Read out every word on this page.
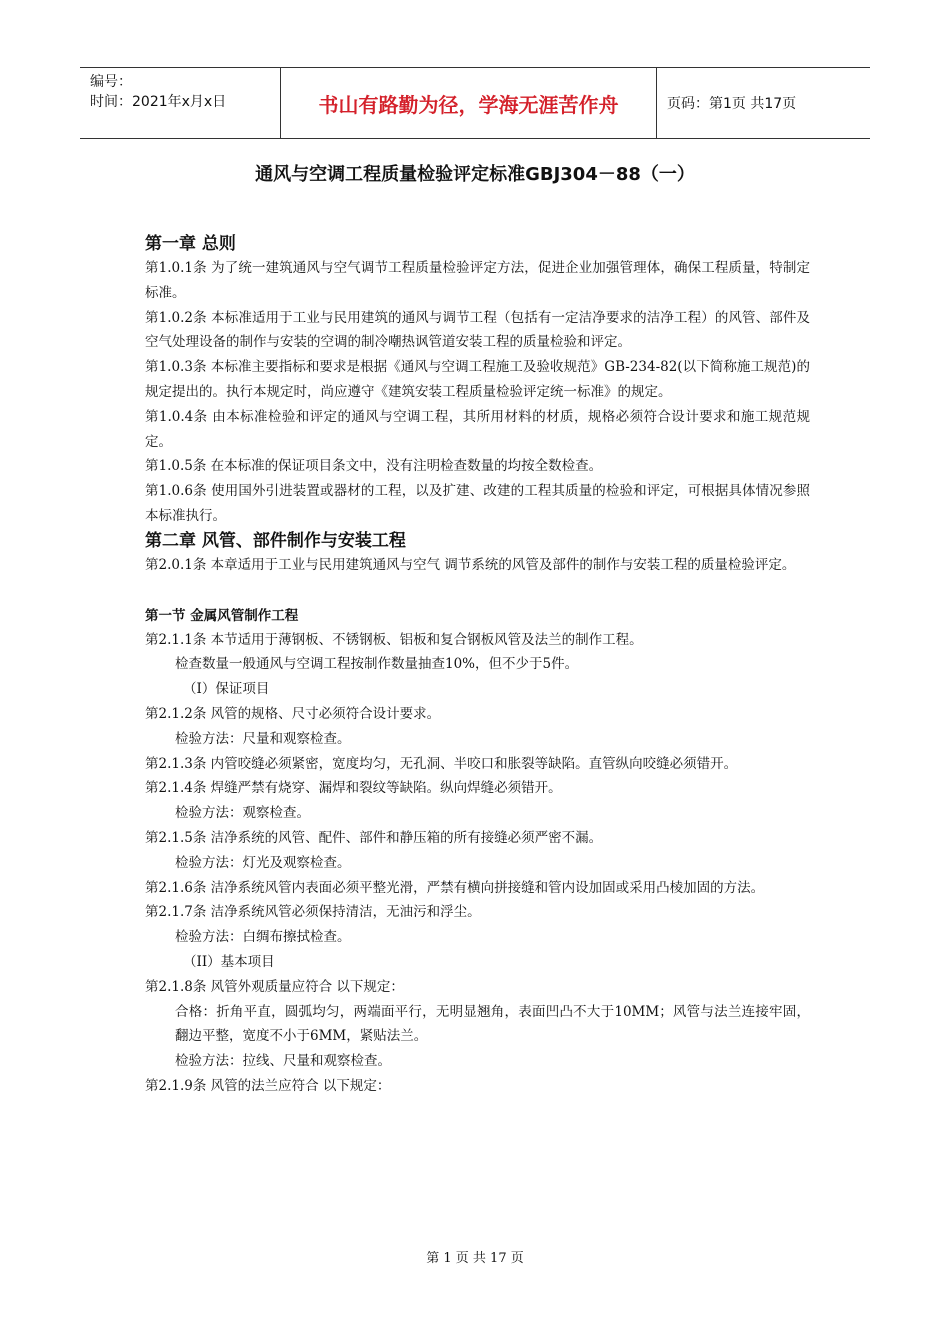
编号：
时间：2021年x月x日	书山有路勤为径，学海无涯苦作舟	页码：第1页 共17页
通风与空调工程质量检验评定标准GBJ304－88（一）
第一章 总则
第1.0.1条 为了统一建筑通风与空气调节工程质量检验评定方法，促进企业加强管理体，确保工程质量，特制定标准。
第1.0.2条 本标准适用于工业与民用建筑的通风与调节工程（包括有一定洁净要求的洁净工程）的风管、部件及空气处理设备的制作与安装的空调的制冷嘲热讽管道安装工程的质量检验和评定。
第1.0.3条 本标准主要指标和要求是根据《通风与空调工程施工及验收规范》GB-234-82(以下简称施工规范)的规定提出的。执行本规定时，尚应遵守《建筑安装工程质量检验评定统一标准》的规定。
第1.0.4条 由本标准检验和评定的通风与空调工程，其所用材料的材质，规格必须符合设计要求和施工规范规定。
第1.0.5条 在本标准的保证项目条文中，没有注明检查数量的均按全数检查。
第1.0.6条 使用国外引进装置或器材的工程，以及扩建、改建的工程其质量的检验和评定，可根据具体情况参照本标准执行。
第二章 风管、部件制作与安装工程
第2.0.1条 本章适用于工业与民用建筑通风与空气 调节系统的风管及部件的制作与安装工程的质量检验评定。
第一节 金属风管制作工程
第2.1.1条 本节适用于薄钢板、不锈钢板、铝板和复合钢板风管及法兰的制作工程。
检查数量一般通风与空调工程按制作数量抽查10%，但不少于5件。
（I）保证项目
第2.1.2条 风管的规格、尺寸必须符合设计要求。
检验方法：尺量和观察检查。
第2.1.3条 内管咬缝必须紧密，宽度均匀，无孔洞、半咬口和胀裂等缺陷。直管纵向咬缝必须错开。
第2.1.4条 焊缝严禁有烧穿、漏焊和裂纹等缺陷。纵向焊缝必须错开。
检验方法：观察检查。
第2.1.5条 洁净系统的风管、配件、部件和静压箱的所有接缝必须严密不漏。
检验方法：灯光及观察检查。
第2.1.6条 洁净系统风管内表面必须平整光滑，严禁有横向拼接缝和管内设加固或采用凸棱加固的方法。
第2.1.7条 洁净系统风管必须保持清洁，无油污和浮尘。
检验方法：白绸布擦拭检查。
（II）基本项目
第2.1.8条 风管外观质量应符合 以下规定：
合格：折角平直，圆弧均匀，两端面平行，无明显翘角，表面凹凸不大于10MM；风管与法兰连接牢固，翻边平整，宽度不小于6MM，紧贴法兰。
检验方法：拉线、尺量和观察检查。
第2.1.9条 风管的法兰应符合 以下规定：
第 1 页 共 17 页
